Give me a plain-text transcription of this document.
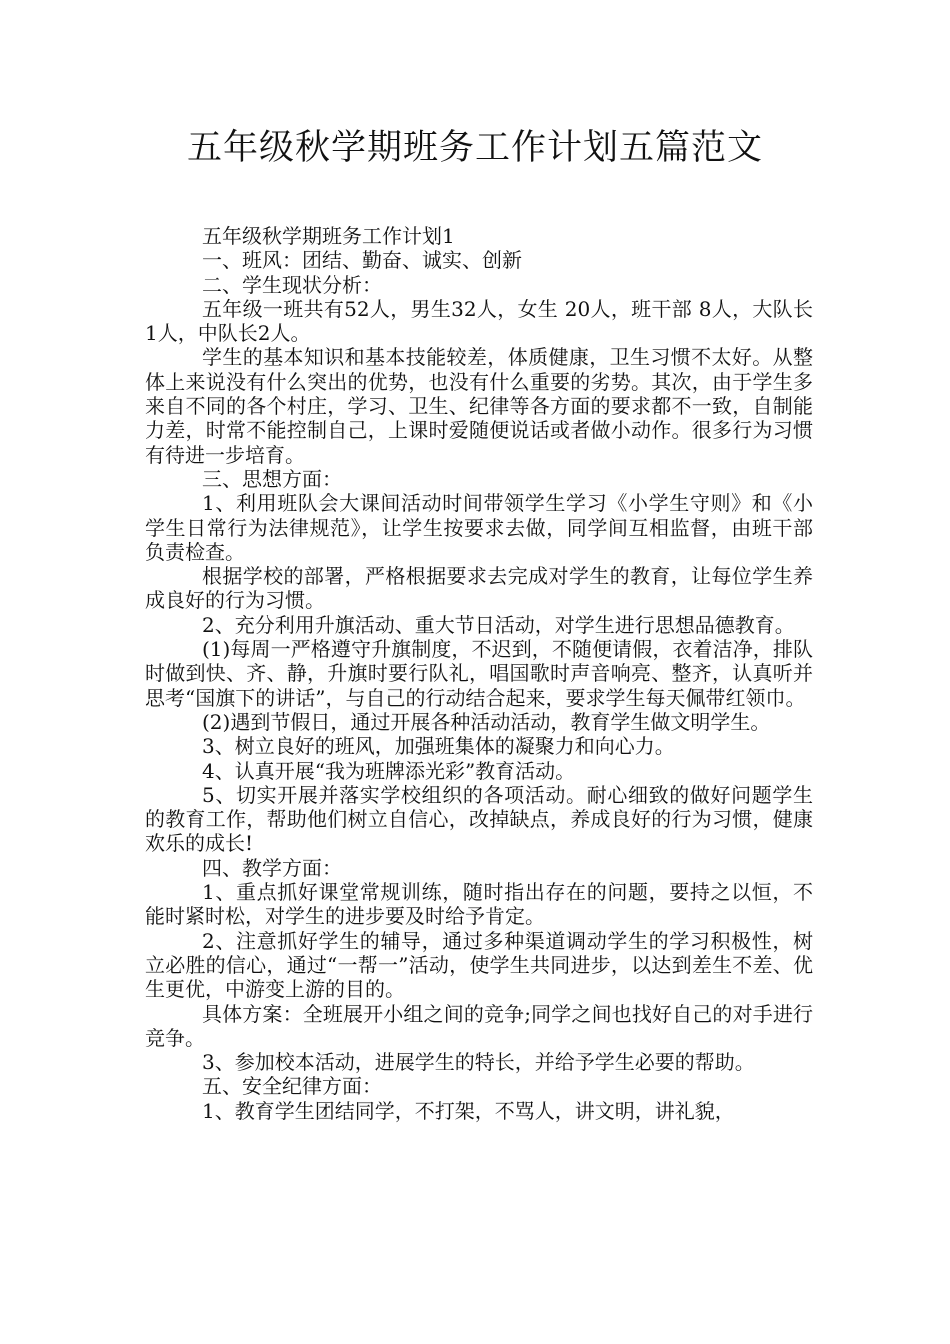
五年级秋学期班务工作计划五篇范文

五年级秋学期班务工作计划1

一、班风：团结、勤奋、诚实、创新

二、学生现状分析：

五年级一班共有52人，男生32人，女生 20人，班干部 8人，大队长 1人，中队长2人。

学生的基本知识和基本技能较差，体质健康，卫生习惯不太好。从整体上来说没有什么突出的优势，也没有什么重要的劣势。其次，由于学生多来自不同的各个村庄，学习、卫生、纪律等各方面的要求都不一致，自制能力差，时常不能控制自己，上课时爱随便说话或者做小动作。很多行为习惯有待进一步培育。

三、思想方面：

1、利用班队会大课间活动时间带领学生学习《小学生守则》和《小学生日常行为法律规范》，让学生按要求去做，同学间互相监督，由班干部负责检查。

根据学校的部署，严格根据要求去完成对学生的教育，让每位学生养成良好的行为习惯。

2、充分利用升旗活动、重大节日活动，对学生进行思想品德教育。

(1)每周一严格遵守升旗制度，不迟到，不随便请假，衣着洁净，排队时做到快、齐、静，升旗时要行队礼，唱国歌时声音响亮、整齐，认真听并思考“国旗下的讲话”，与自己的行动结合起来，要求学生每天佩带红领巾。

(2)遇到节假日，通过开展各种活动活动，教育学生做文明学生。

3、树立良好的班风，加强班集体的凝聚力和向心力。

4、认真开展“我为班牌添光彩”教育活动。

5、切实开展并落实学校组织的各项活动。耐心细致的做好问题学生的教育工作，帮助他们树立自信心，改掉缺点，养成良好的行为习惯，健康欢乐的成长!

四、教学方面：

1、重点抓好课堂常规训练，随时指出存在的问题，要持之以恒，不能时紧时松，对学生的进步要及时给予肯定。

2、注意抓好学生的辅导，通过多种渠道调动学生的学习积极性，树立必胜的信心，通过“一帮一”活动，使学生共同进步，以达到差生不差、优生更优，中游变上游的目的。

具体方案：全班展开小组之间的竞争;同学之间也找好自己的对手进行竞争。

3、参加校本活动，进展学生的特长，并给予学生必要的帮助。

五、安全纪律方面：

1、教育学生团结同学，不打架，不骂人，讲文明，讲礼貌，
